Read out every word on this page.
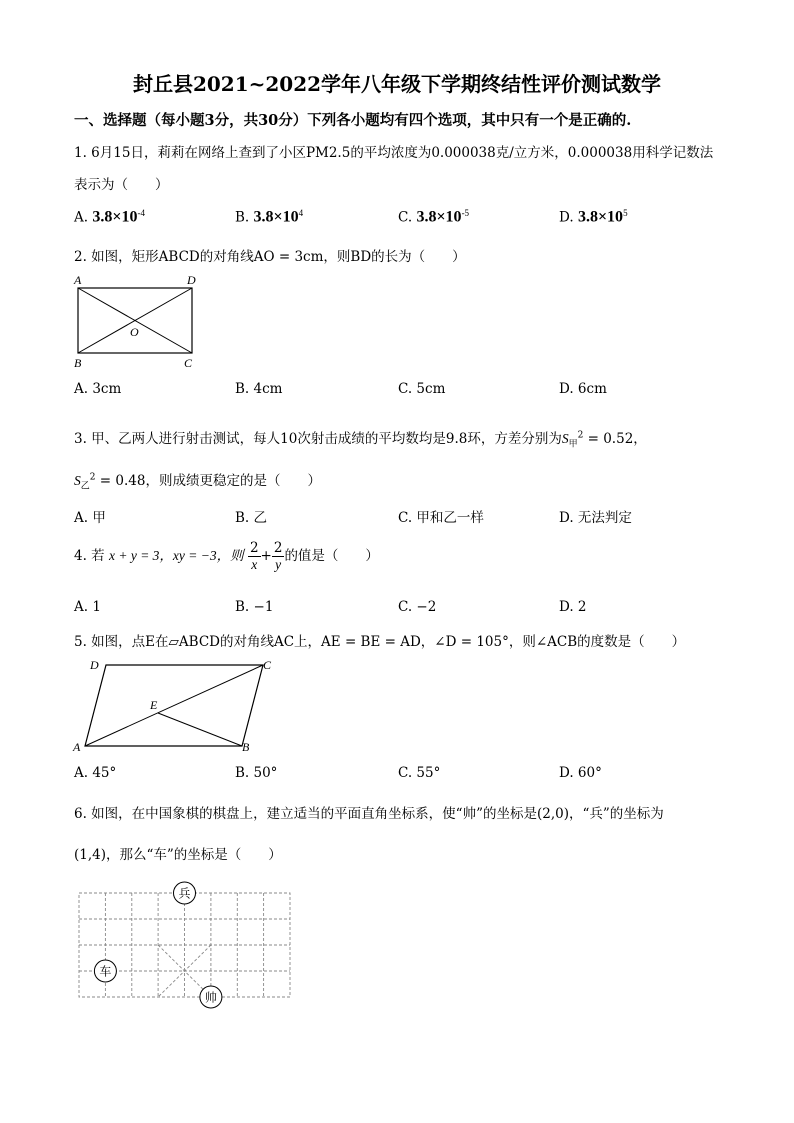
封丘县2021~2022学年八年级下学期终结性评价测试数学
一、选择题（每小题3分，共30分）下列各小题均有四个选项，其中只有一个是正确的.
1. 6月15日，莉莉在网络上查到了小区PM2.5的平均浓度为0.000038克/立方米，0.000038用科学记数法
表示为（　　）
A. $3.8\times 10^{-4}$	B. $3.8\times 10^4$	C. $3.8\times 10^{-5}$	D. $3.8\times 10^5$
2. 如图，矩形ABCD的对角线AO = 3cm，则BD的长为（　　）
A	D
O
B	C
A. 3cm	B. 4cm	C. 5cm	D. 6cm
3. 甲、乙两人进行射击测试，每人10次射击成绩的平均数均是9.8环，方差分别为$S_甲^2 = 0.52$，
$S_乙^2 = 0.48$，则成绩更稳定的是（　　）
A. 甲	B. 乙	C. 甲和乙一样	D. 无法判定
4. 若 x + y = 3，xy = −3，则 $\frac{2}{x} + \frac{2}{y}$ 的值是（　　）
A. 1	B. −1	C. −2	D. 2
5. 如图，点E在▱ABCD的对角线AC上，AE = BE = AD，∠D = 105°，则∠ACB的度数是（　　）
D	C
E
A	B
A. 45°	B. 50°	C. 55°	D. 60°
6. 如图，在中国象棋的棋盘上，建立适当的平面直角坐标系，使“帅”的坐标是(2,0)，“兵”的坐标为
(1,4)，那么“车”的坐标是（　　）
兵
车
帅
